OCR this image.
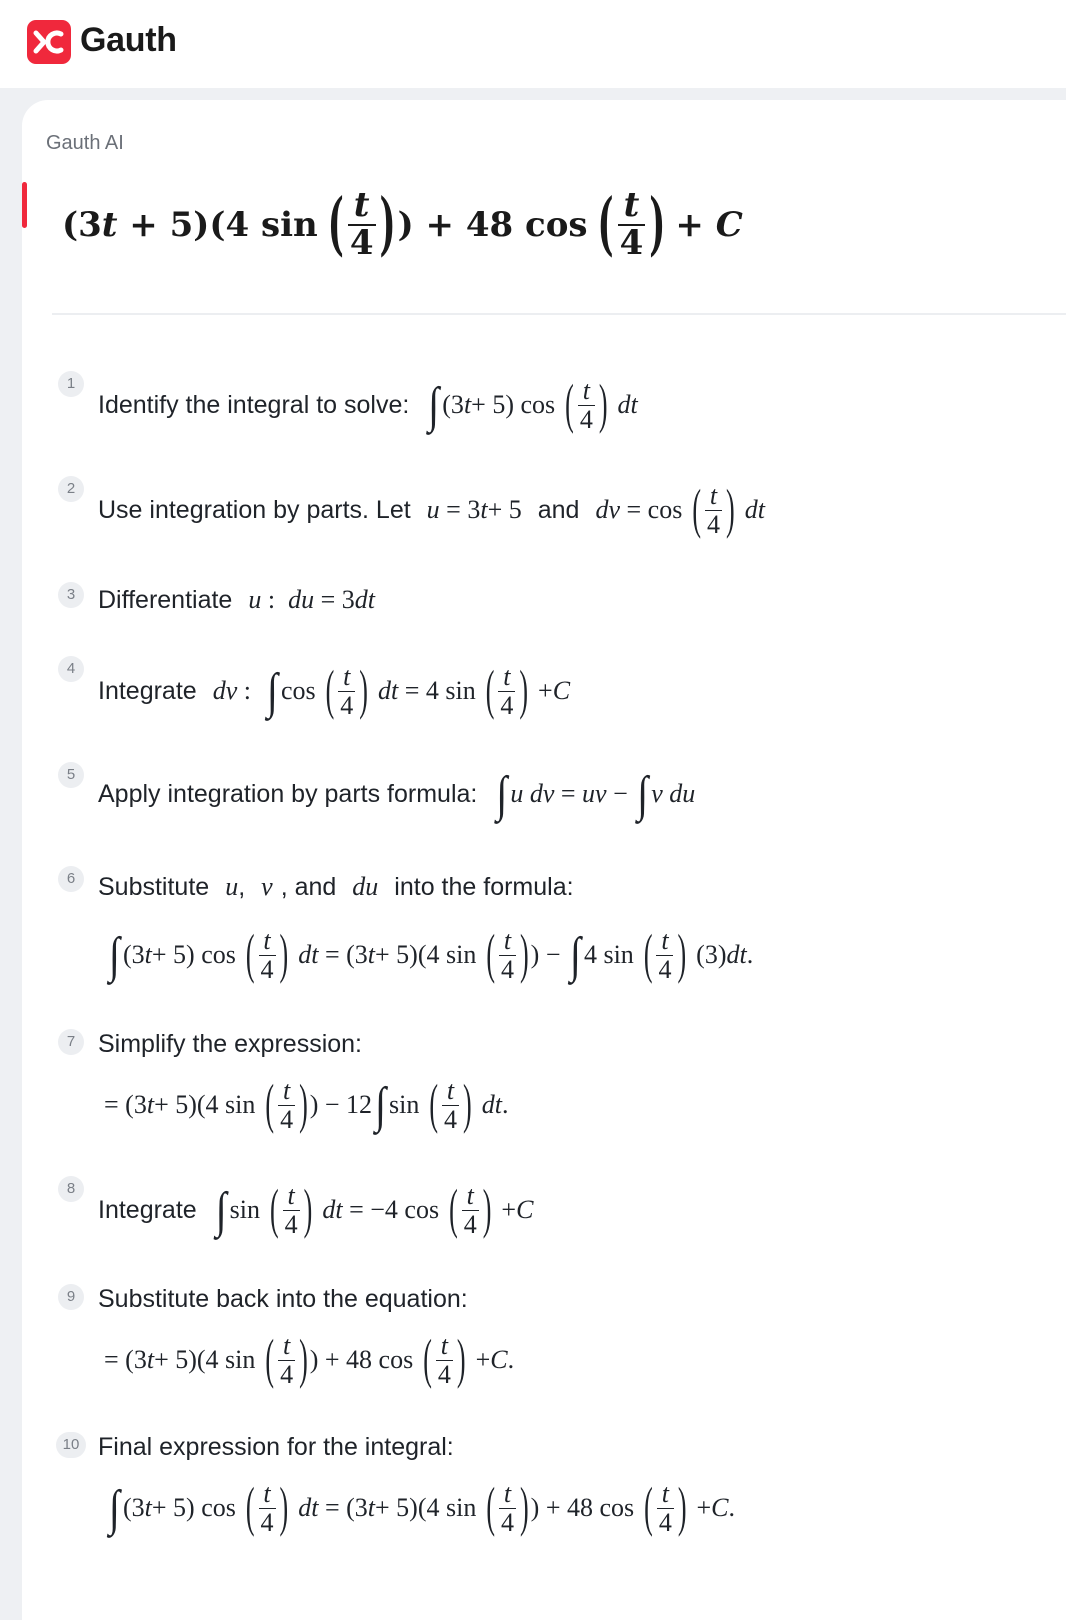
Gauth
Gauth AI
(3t + 5)(4 sin ( $\frac{t}{4}$ ) ) + 48 cos ( $\frac{t}{4}$ ) + C
1
Identify the integral to solve: ∫ (3 t + 5) cos ( $\frac{t}{4}$ ) dt
2
Use integration by parts. Let u = 3 t + 5 and dv = cos ( $\frac{t}{4}$ ) dt
3 Differentiate u : du = 3 dt
4
Integrate dv : ∫ cos ( $\frac{t}{4}$ ) dt = 4 sin ( $\frac{t}{4}$ ) + C
5
Apply integration by parts formula: ∫ u dv = uv − ∫ v du
6 Substitute u , v , and du into the formula:
∫ (3 t + 5) cos ( $\frac{t}{4}$ ) dt = (3 t + 5)(4 sin ( $\frac{t}{4}$ ) ) − ∫ 4 sin ( $\frac{t}{4}$ ) (3) dt .
7 Simplify the expression:
= (3 t + 5)(4 sin ( $\frac{t}{4}$ ) ) − 12 ∫ sin ( $\frac{t}{4}$ ) dt .
8
Integrate ∫ sin ( $\frac{t}{4}$ ) dt = −4 cos ( $\frac{t}{4}$ ) + C
9 Substitute back into the equation:
= (3 t + 5)(4 sin ( $\frac{t}{4}$ ) ) + 48 cos ( $\frac{t}{4}$ ) + C .
10 Final expression for the integral:
∫ (3 t + 5) cos ( $\frac{t}{4}$ ) dt = (3 t + 5)(4 sin ( $\frac{t}{4}$ ) ) + 48 cos ( $\frac{t}{4}$ ) + C .
